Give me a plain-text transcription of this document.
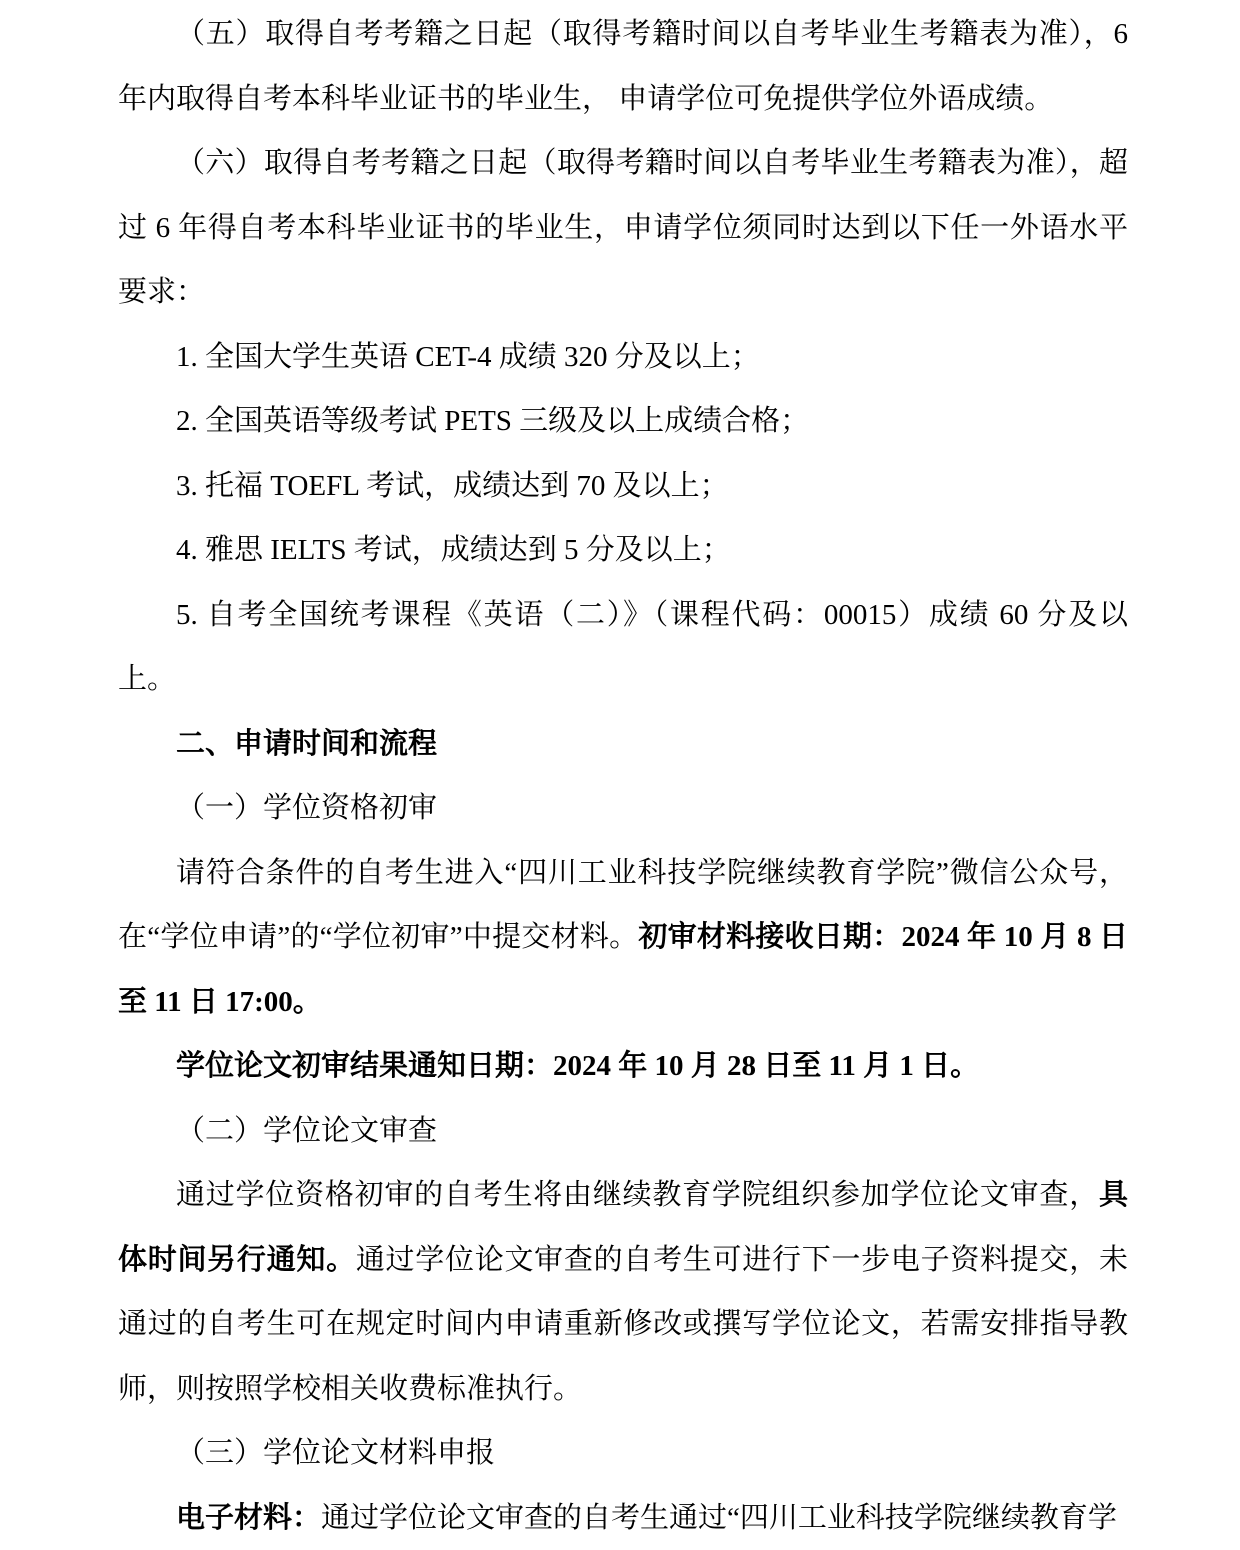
（五）取得自考考籍之日起（取得考籍时间以自考毕业生考籍表为准），6 年内取得自考本科毕业证书的毕业生， 申请学位可免提供学位外语成绩。

（六）取得自考考籍之日起（取得考籍时间以自考毕业生考籍表为准），超过 6 年得自考本科毕业证书的毕业生，申请学位须同时达到以下任一外语水平要求：

1. 全国大学生英语 CET-4 成绩 320 分及以上；

2. 全国英语等级考试 PETS 三级及以上成绩合格；

3. 托福 TOEFL 考试，成绩达到 70 及以上；

4. 雅思 IELTS 考试，成绩达到 5 分及以上；

5. 自考全国统考课程《英语（二）》（课程代码：00015）成绩 60 分及以上。

二、申请时间和流程

（一）学位资格初审

请符合条件的自考生进入“四川工业科技学院继续教育学院”微信公众号，在“学位申请”的“学位初审”中提交材料。初审材料接收日期：2024 年 10 月 8 日至 11 日 17:00。

学位论文初审结果通知日期：2024 年 10 月 28 日至 11 月 1 日。

（二）学位论文审查

通过学位资格初审的自考生将由继续教育学院组织参加学位论文审查，具体时间另行通知。通过学位论文审查的自考生可进行下一步电子资料提交，未通过的自考生可在规定时间内申请重新修改或撰写学位论文，若需安排指导教师，则按照学校相关收费标准执行。

（三）学位论文材料申报

电子材料：通过学位论文审查的自考生通过“四川工业科技学院继续教育学
